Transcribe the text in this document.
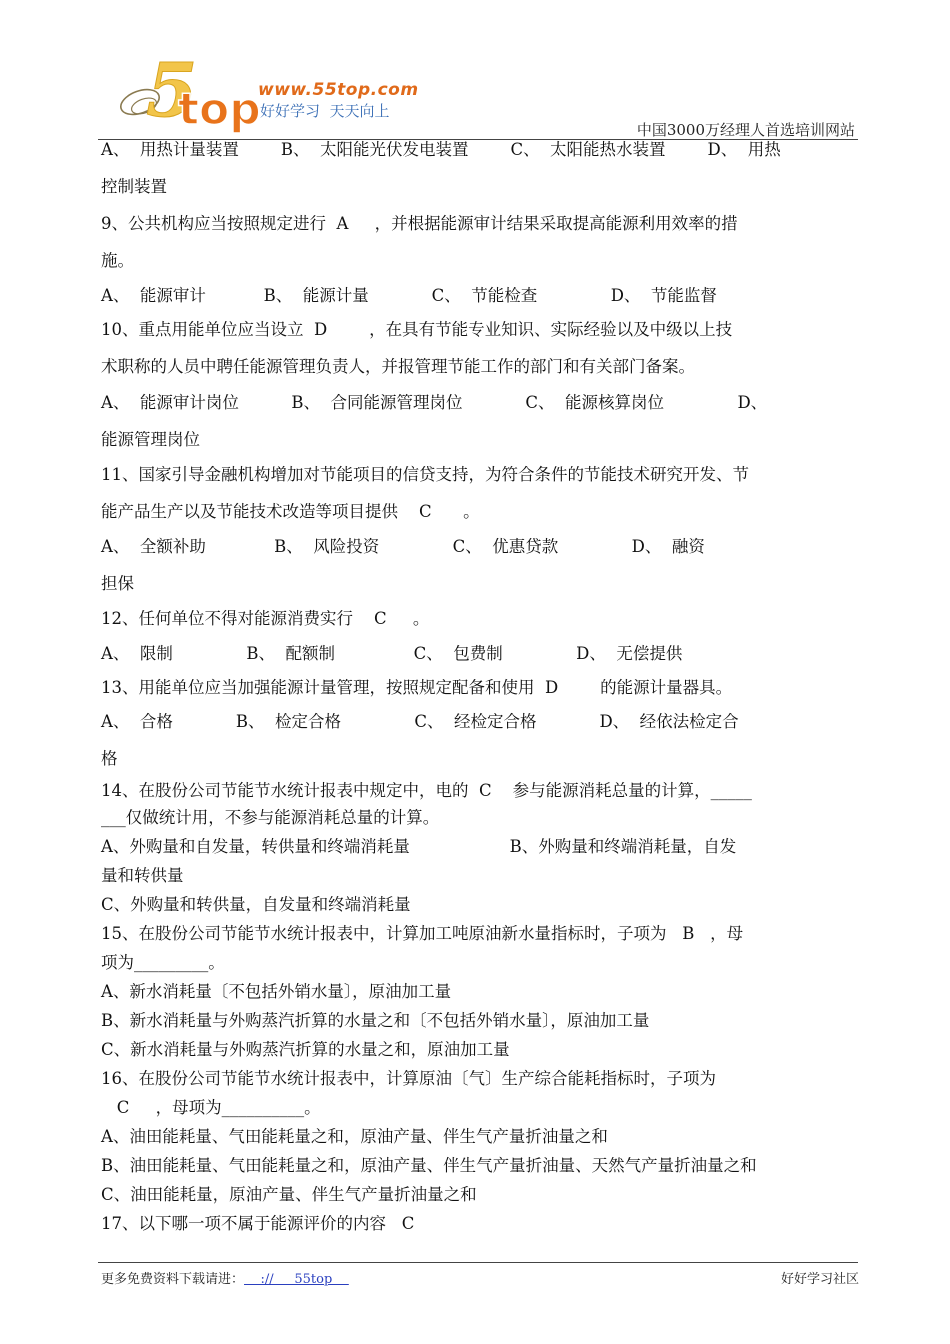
5
top
www.55top.com
好好学习  天天向上
中国3000万经理人首选培训网站
A、  用热计量装置        B、  太阳能光伏发电装置        C、  太阳能热水装置        D、  用热
控制装置
9、公共机构应当按照规定进行  A     ，并根据能源审计结果采取提高能源利用效率的措
施。
A、  能源审计           B、  能源计量            C、  节能检查              D、  节能监督
10、重点用能单位应当设立  D        ，在具有节能专业知识、实际经验以及中级以上技
术职称的人员中聘任能源管理负责人，并报管理节能工作的部门和有关部门备案。
A、  能源审计岗位          B、  合同能源管理岗位            C、  能源核算岗位              D、
能源管理岗位
11、国家引导金融机构增加对节能项目的信贷支持，为符合条件的节能技术研究开发、节
能产品生产以及节能技术改造等项目提供    C      。
A、  全额补助             B、  风险投资              C、  优惠贷款              D、  融资
担保
12、任何单位不得对能源消费实行    C     。
A、  限制              B、  配额制               C、  包费制              D、  无偿提供
13、用能单位应当加强能源计量管理，按照规定配备和使用  D        的能源计量器具。
A、  合格            B、  检定合格              C、  经检定合格            D、  经依法检定合
格
14、在股份公司节能节水统计报表中规定中，电的  C    参与能源消耗总量的计算，_____
___仅做统计用，不参与能源消耗总量的计算。
A、外购量和自发量，转供量和终端消耗量                   B、外购量和终端消耗量，自发
量和转供量
C、外购量和转供量，自发量和终端消耗量
15、在股份公司节能节水统计报表中，计算加工吨原油新水量指标时，子项为   B   ，母
项为_________。
A、新水消耗量〔不包括外销水量〕，原油加工量
B、新水消耗量与外购蒸汽折算的水量之和〔不包括外销水量〕，原油加工量
C、新水消耗量与外购蒸汽折算的水量之和，原油加工量
16、在股份公司节能节水统计报表中，计算原油〔气〕生产综合能耗指标时，子项为
C     ，母项为__________。
A、油田能耗量、气田能耗量之和，原油产量、伴生气产量折油量之和
B、油田能耗量、气田能耗量之和，原油产量、伴生气产量折油量、天然气产量折油量之和
C、油田能耗量，原油产量、伴生气产量折油量之和
17、以下哪一项不属于能源评价的内容   C
更多免费资料下载请进：    ://     55top	好好学习社区
